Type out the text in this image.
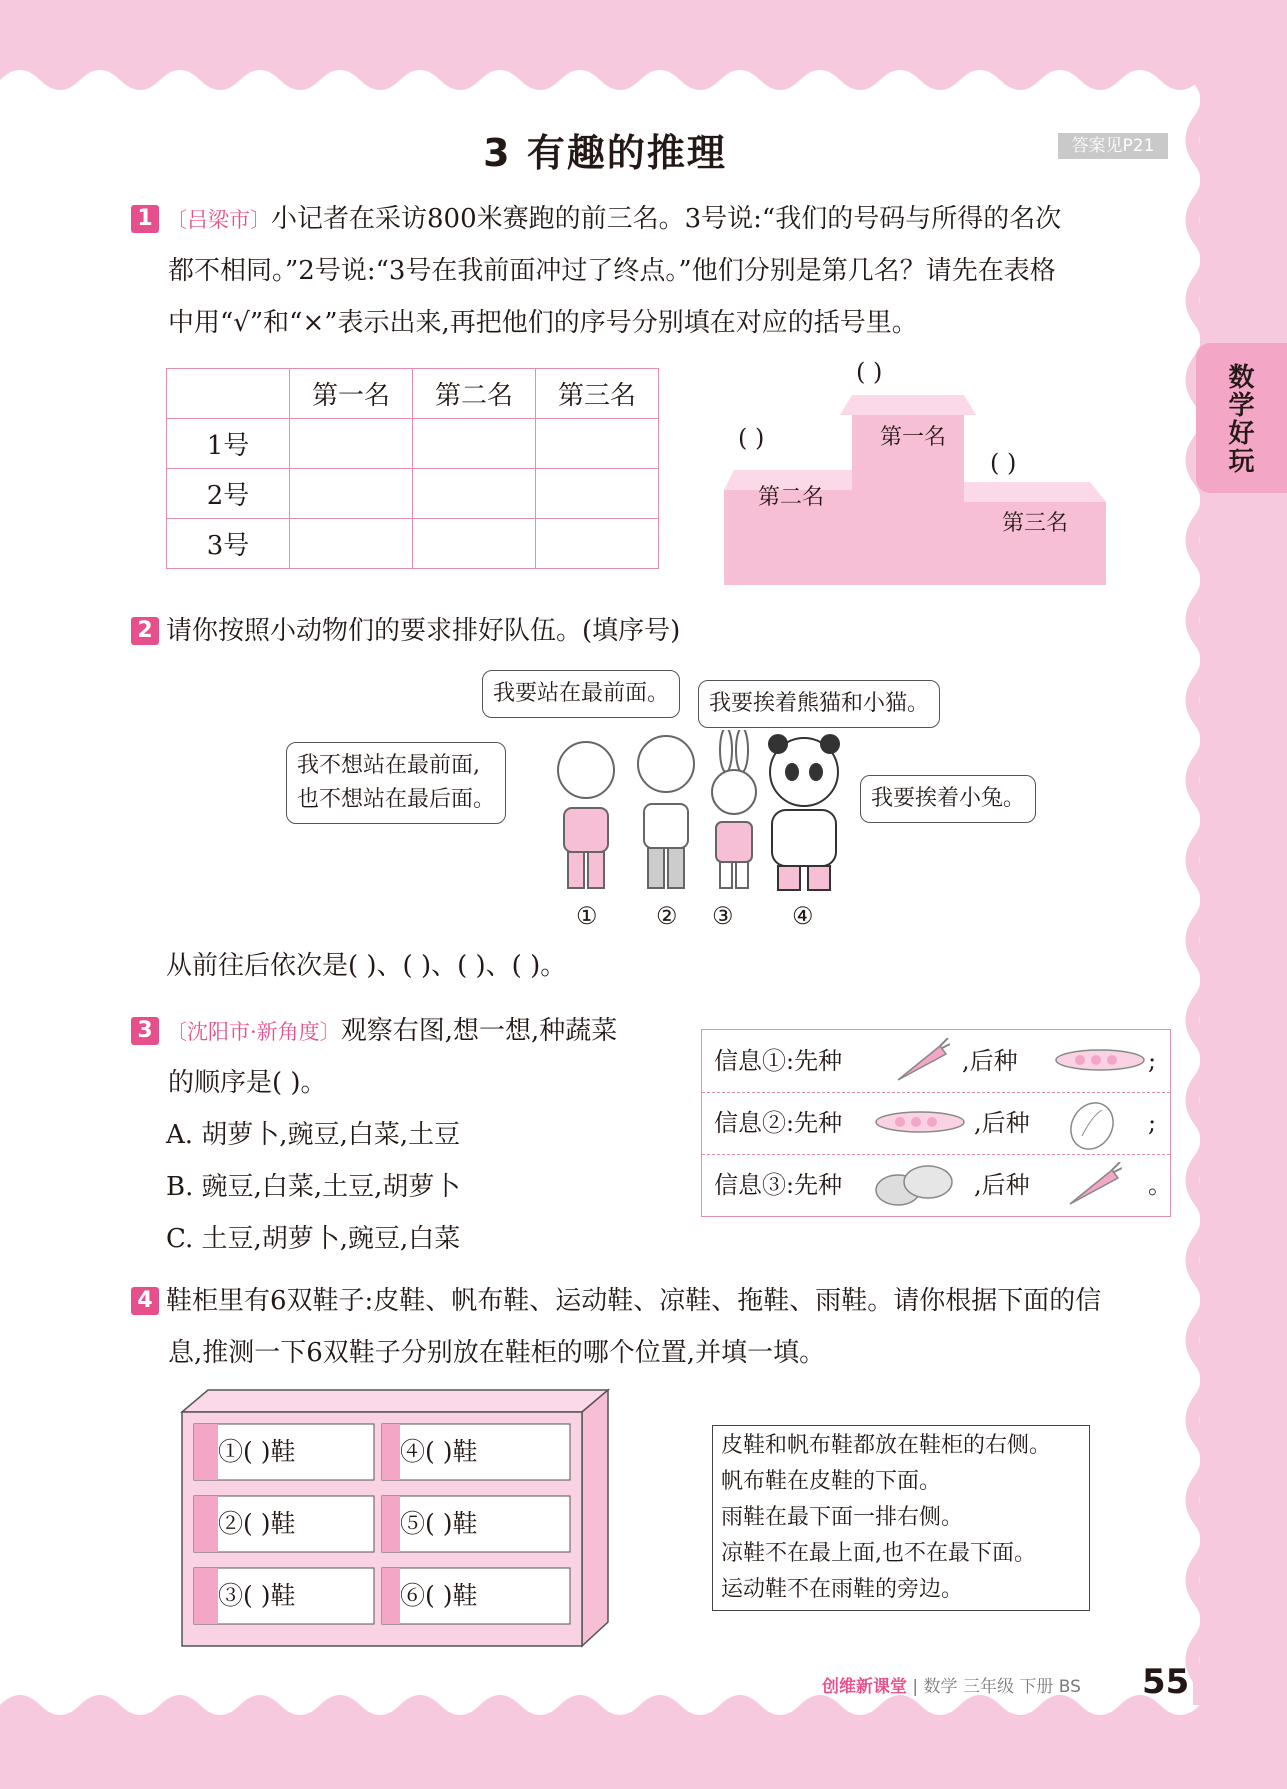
3 有趣的推理	答案见P21
数学好玩
1 〔吕梁市〕小记者在采访800米赛跑的前三名。3号说:“我们的号码与所得的名次
都不相同。”2号说:“3号在我前面冲过了终点。”他们分别是第几名？请先在表格
中用“√”和“×”表示出来,再把他们的序号分别填在对应的括号里。
	第一名	第二名	第三名
1号			
2号			
3号			
( )
( )
( )
第一名
第二名
第三名
2 请你按照小动物们的要求排好队伍。(填序号)
我要站在最前面。	我要挨着熊猫和小猫。
我不想站在最前面,
也不想站在最后面。	我要挨着小兔。
① ② ③ ④
从前往后依次是( )、( )、( )、( )。
3 〔沈阳市·新角度〕观察右图,想一想,种蔬菜
的顺序是( )。
A. 胡萝卜,豌豆,白菜,土豆
B. 豌豆,白菜,土豆,胡萝卜
C. 土豆,胡萝卜,豌豆,白菜
信息①:先种	,后种	;
信息②:先种	,后种	;
信息③:先种	,后种	。
4 鞋柜里有6双鞋子:皮鞋、帆布鞋、运动鞋、凉鞋、拖鞋、雨鞋。请你根据下面的信
息,推测一下6双鞋子分别放在鞋柜的哪个位置,并填一填。
①( )鞋	④( )鞋
②( )鞋	⑤( )鞋
③( )鞋	⑥( )鞋
皮鞋和帆布鞋都放在鞋柜的右侧。
帆布鞋在皮鞋的下面。
雨鞋在最下面一排右侧。
凉鞋不在最上面,也不在最下面。
运动鞋不在雨鞋的旁边。
创维新课堂 | 数学 三年级 下册 BS 55
